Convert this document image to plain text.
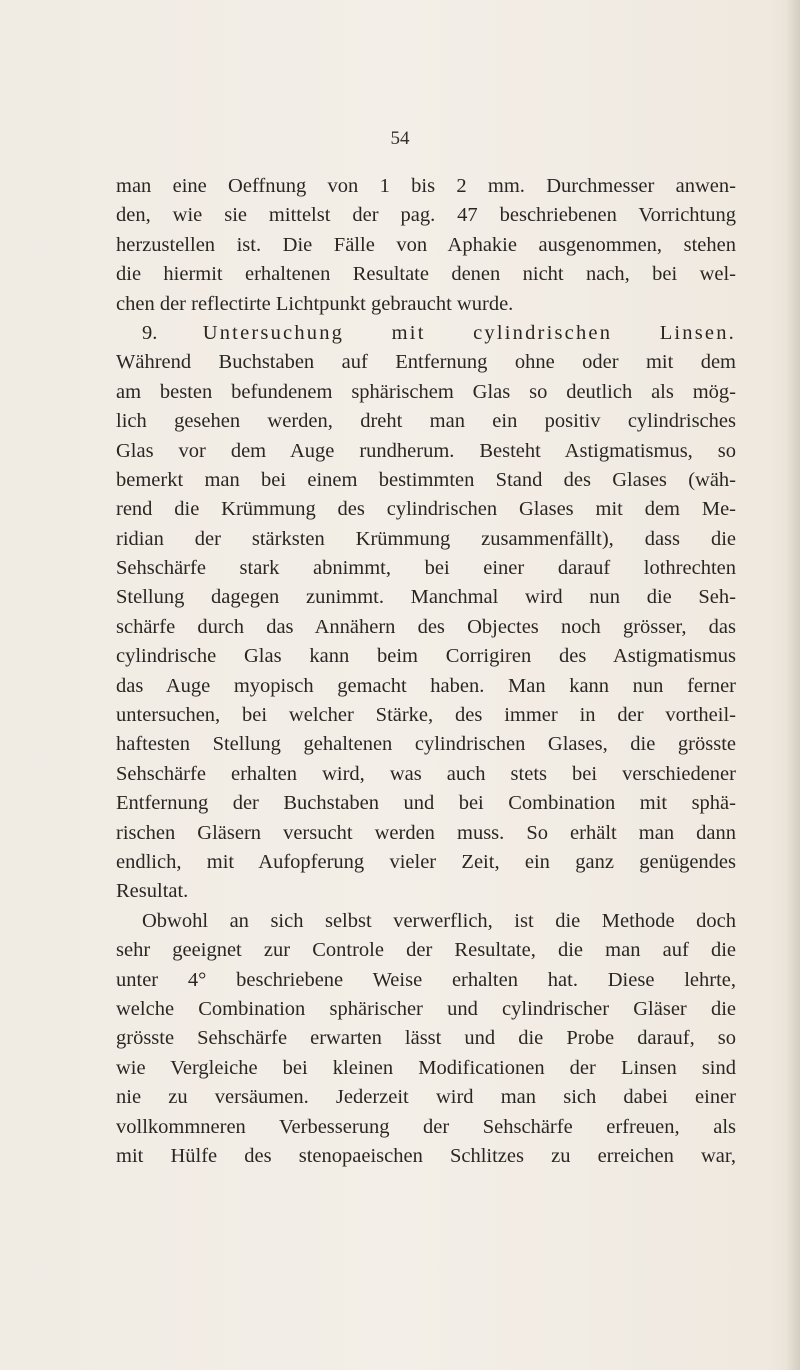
54
man eine Oeffnung von 1 bis 2 mm. Durchmesser anwen-
den, wie sie mittelst der pag. 47 beschriebenen Vorrichtung
herzustellen ist. Die Fälle von Aphakie ausgenommen, stehen
die hiermit erhaltenen Resultate denen nicht nach, bei wel-
chen der reflectirte Lichtpunkt gebraucht wurde.
9. Untersuchung mit cylindrischen Linsen.
Während Buchstaben auf Entfernung ohne oder mit dem
am besten befundenem sphärischem Glas so deutlich als mög-
lich gesehen werden, dreht man ein positiv cylindrisches
Glas vor dem Auge rundherum. Besteht Astigmatismus, so
bemerkt man bei einem bestimmten Stand des Glases (wäh-
rend die Krümmung des cylindrischen Glases mit dem Me-
ridian der stärksten Krümmung zusammenfällt), dass die
Sehschärfe stark abnimmt, bei einer darauf lothrechten
Stellung dagegen zunimmt. Manchmal wird nun die Seh-
schärfe durch das Annähern des Objectes noch grösser, das
cylindrische Glas kann beim Corrigiren des Astigmatismus
das Auge myopisch gemacht haben. Man kann nun ferner
untersuchen, bei welcher Stärke, des immer in der vortheil-
haftesten Stellung gehaltenen cylindrischen Glases, die grösste
Sehschärfe erhalten wird, was auch stets bei verschiedener
Entfernung der Buchstaben und bei Combination mit sphä-
rischen Gläsern versucht werden muss. So erhält man dann
endlich, mit Aufopferung vieler Zeit, ein ganz genügendes
Resultat.
Obwohl an sich selbst verwerflich, ist die Methode doch
sehr geeignet zur Controle der Resultate, die man auf die
unter 4° beschriebene Weise erhalten hat. Diese lehrte,
welche Combination sphärischer und cylindrischer Gläser die
grösste Sehschärfe erwarten lässt und die Probe darauf, so
wie Vergleiche bei kleinen Modificationen der Linsen sind
nie zu versäumen. Jederzeit wird man sich dabei einer
vollkommneren Verbesserung der Sehschärfe erfreuen, als
mit Hülfe des stenopaeischen Schlitzes zu erreichen war,
